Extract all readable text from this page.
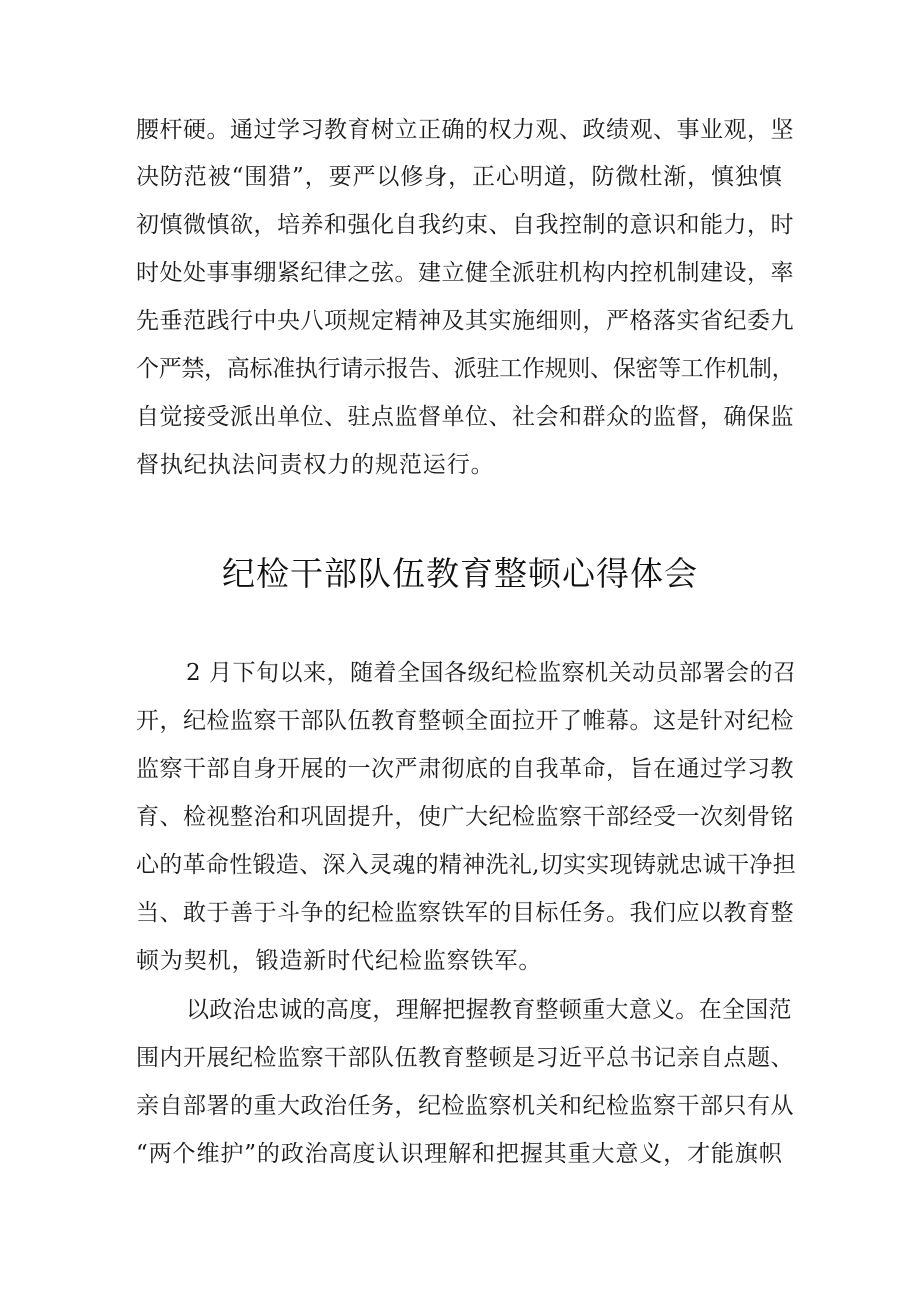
腰杆硬。通过学习教育树立正确的权力观、政绩观、事业观，坚
决防范被“围猎”，要严以修身，正心明道，防微杜渐，慎独慎
初慎微慎欲，培养和强化自我约束、自我控制的意识和能力，时
时处处事事绷紧纪律之弦。建立健全派驻机构内控机制建设，率
先垂范践行中央八项规定精神及其实施细则，严格落实省纪委九
个严禁，高标准执行请示报告、派驻工作规则、保密等工作机制，
自觉接受派出单位、驻点监督单位、社会和群众的监督，确保监
督执纪执法问责权力的规范运行。
纪检干部队伍教育整顿心得体会
2 月下旬以来，随着全国各级纪检监察机关动员部署会的召
开，纪检监察干部队伍教育整顿全面拉开了帷幕。这是针对纪检
监察干部自身开展的一次严肃彻底的自我革命，旨在通过学习教
育、检视整治和巩固提升，使广大纪检监察干部经受一次刻骨铭
心的革命性锻造、深入灵魂的精神洗礼,切实实现铸就忠诚干净担
当、敢于善于斗争的纪检监察铁军的目标任务。我们应以教育整
顿为契机，锻造新时代纪检监察铁军。
以政治忠诚的高度，理解把握教育整顿重大意义。在全国范
围内开展纪检监察干部队伍教育整顿是习近平总书记亲自点题、
亲自部署的重大政治任务，纪检监察机关和纪检监察干部只有从
“两个维护”的政治高度认识理解和把握其重大意义，才能旗帜
